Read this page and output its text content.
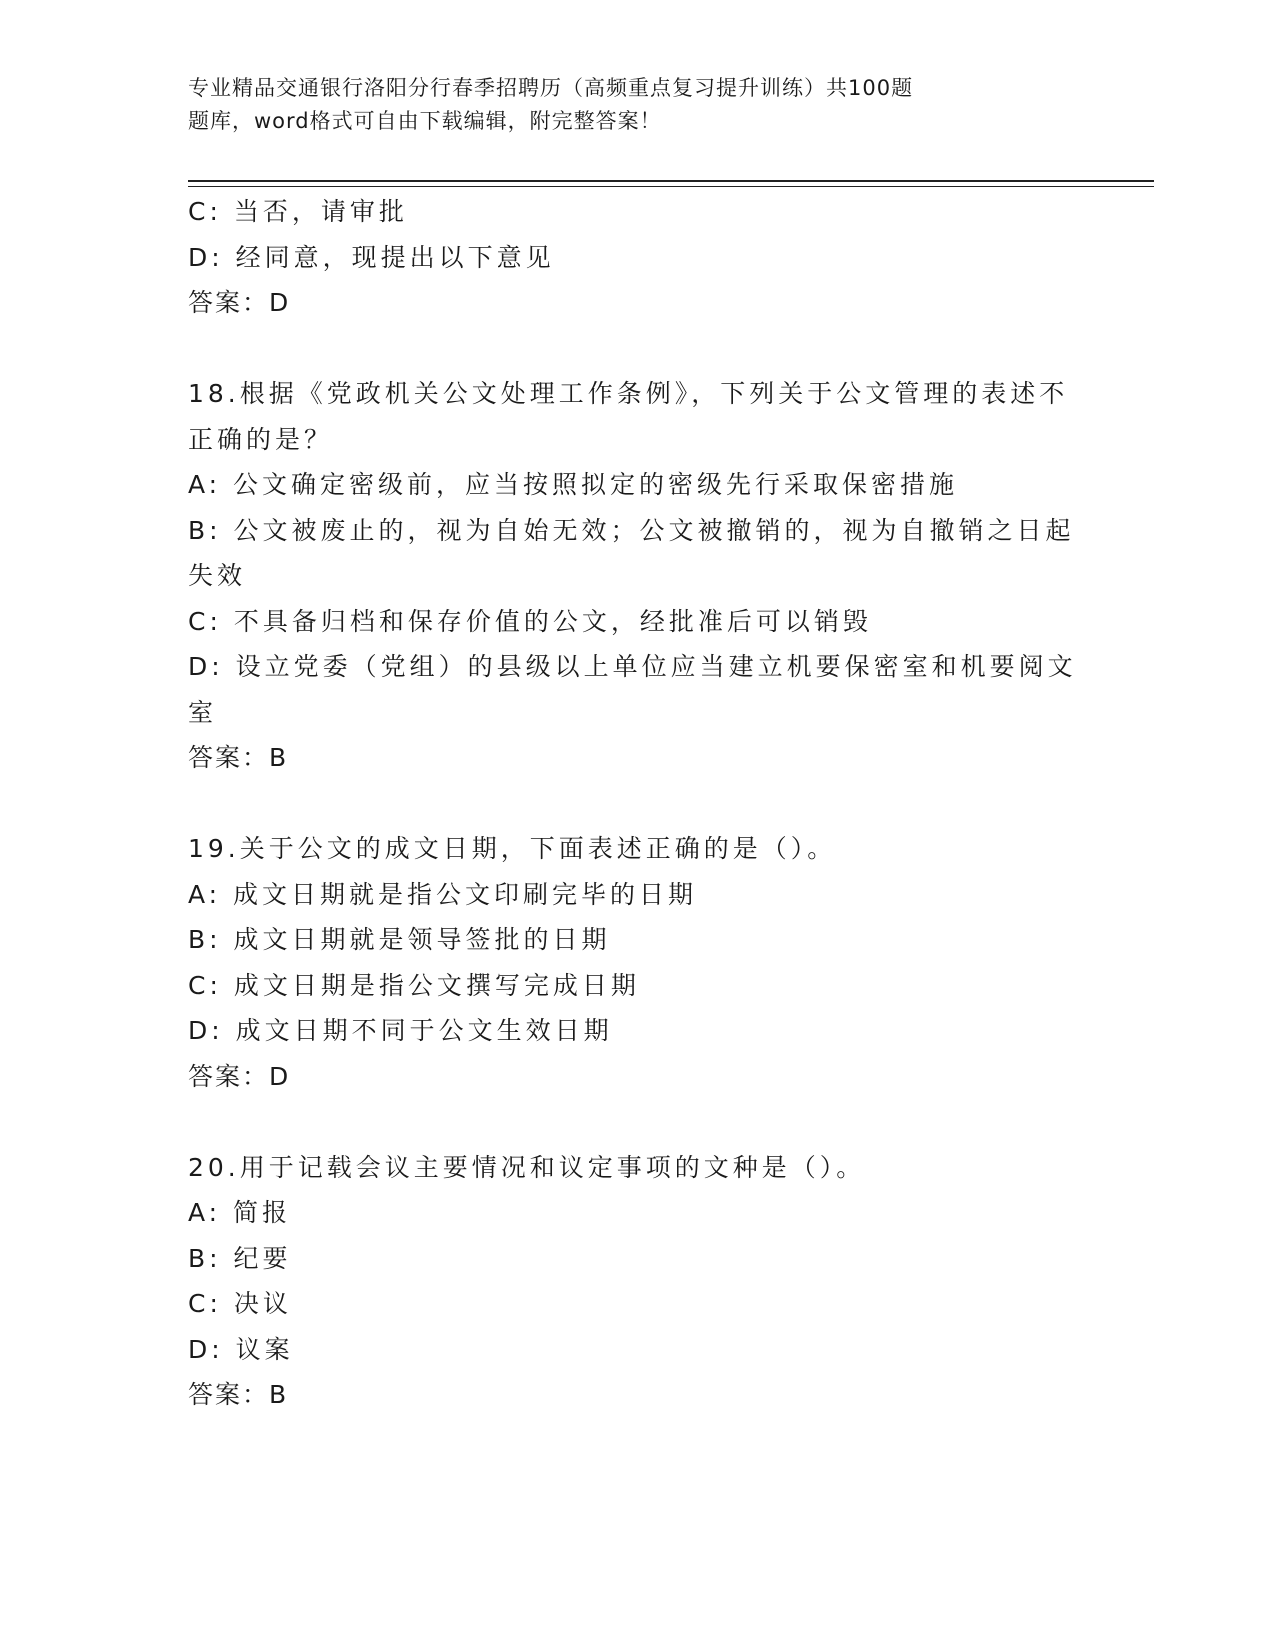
专业精品交通银行洛阳分行春季招聘历（高频重点复习提升训练）共100题
题库，word格式可自由下载编辑，附完整答案！
C: 当否，请审批
D: 经同意，现提出以下意见
答案：D
18.根据《党政机关公文处理工作条例》，下列关于公文管理的表述不
正确的是？
A: 公文确定密级前，应当按照拟定的密级先行采取保密措施
B: 公文被废止的，视为自始无效；公文被撤销的，视为自撤销之日起
失效
C: 不具备归档和保存价值的公文，经批准后可以销毁
D: 设立党委（党组）的县级以上单位应当建立机要保密室和机要阅文
室
答案：B
19.关于公文的成文日期，下面表述正确的是（）。
A: 成文日期就是指公文印刷完毕的日期
B: 成文日期就是领导签批的日期
C: 成文日期是指公文撰写完成日期
D: 成文日期不同于公文生效日期
答案：D
20.用于记载会议主要情况和议定事项的文种是（）。
A: 简报
B: 纪要
C: 决议
D: 议案
答案：B
